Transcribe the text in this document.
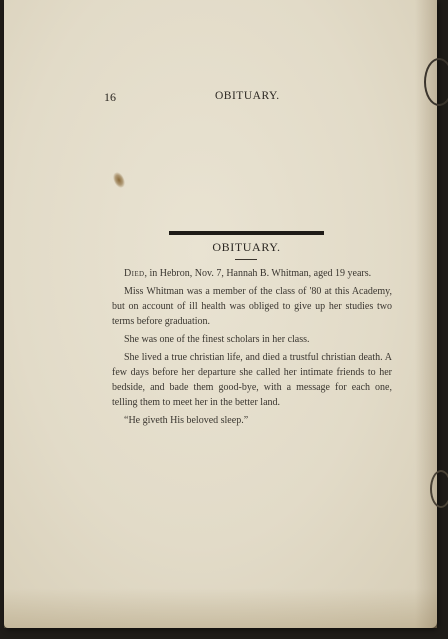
16	OBITUARY.
OBITUARY.

Died, in Hebron, Nov. 7, Hannah B. Whitman, aged 19 years.

Miss Whitman was a member of the class of '80 at this Academy, but on account of ill health was obliged to give up her studies two terms before graduation.

She was one of the finest scholars in her class.

She lived a true christian life, and died a trustful christian death. A few days before her departure she called her intimate friends to her bedside, and bade them good-bye, with a message for each one, telling them to meet her in the better land.

“He giveth His beloved sleep.”
